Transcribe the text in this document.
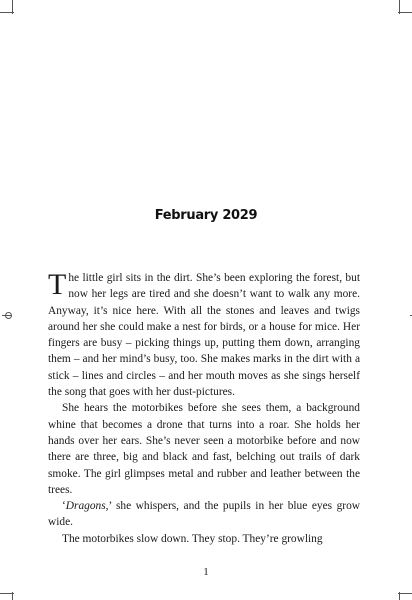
February 2029

The little girl sits in the dirt. She’s been exploring the forest, but now her legs are tired and she doesn’t want to walk any more. Anyway, it’s nice here. With all the stones and leaves and twigs around her she could make a nest for birds, or a house for mice. Her fingers are busy – picking things up, putting them down, arranging them – and her mind’s busy, too. She makes marks in the dirt with a stick – lines and circles – and her mouth moves as she sings herself the song that goes with her dust-pictures.

She hears the motorbikes before she sees them, a background whine that becomes a drone that turns into a roar. She holds her hands over her ears. She’s never seen a motorbike before and now there are three, big and black and fast, belching out trails of dark smoke. The girl glimpses metal and rubber and leather between the trees.

‘Dragons,’ she whispers, and the pupils in her blue eyes grow wide.

The motorbikes slow down. They stop. They’re growling

1
